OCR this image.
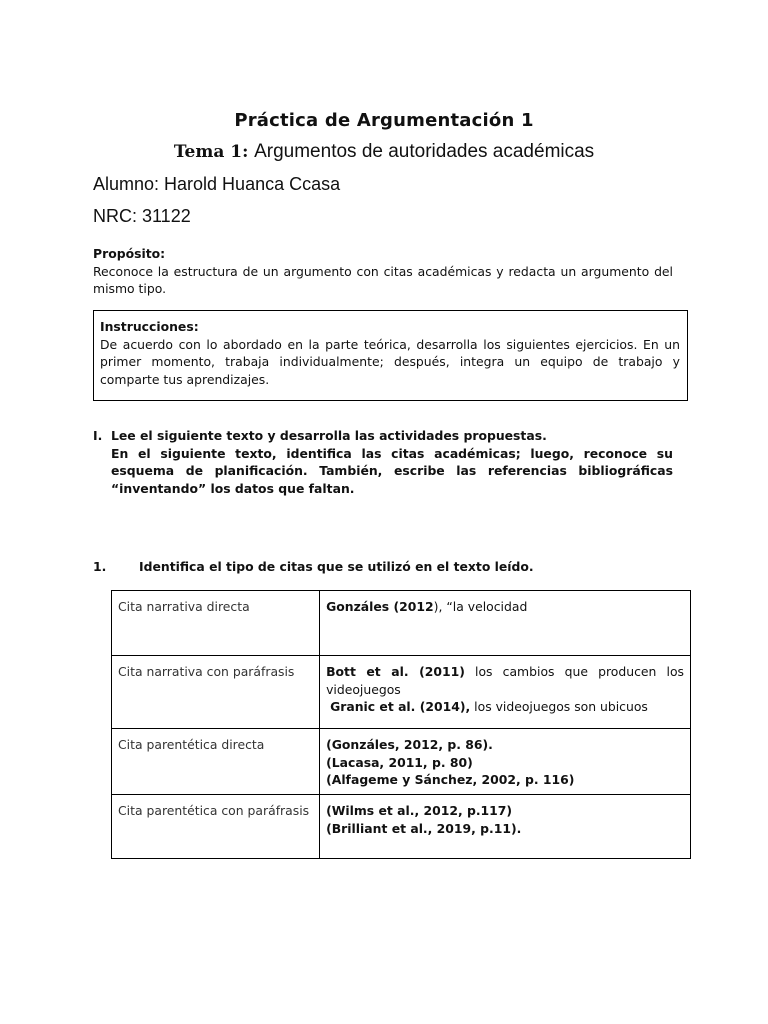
Práctica de Argumentación 1
Tema 1: Argumentos de autoridades académicas
Alumno: Harold Huanca Ccasa
NRC: 31122
Propósito:
Reconoce la estructura de un argumento con citas académicas y redacta un argumento del mismo tipo.
Instrucciones:
De acuerdo con lo abordado en la parte teórica, desarrolla los siguientes ejercicios. En un primer momento, trabaja individualmente; después, integra un equipo de trabajo y comparte tus aprendizajes.
I. Lee el siguiente texto y desarrolla las actividades propuestas.
En el siguiente texto, identifica las citas académicas; luego, reconoce su esquema de planificación. También, escribe las referencias bibliográficas “inventando” los datos que faltan.
1.	Identifica el tipo de citas que se utilizó en el texto leído.
Cita narrativa directa	Gonzáles (2012), “la velocidad
Cita narrativa con paráfrasis	Bott et al. (2011) los cambios que producen los videojuegos
Granic et al. (2014), los videojuegos son ubicuos

Cita parentética directa	(Gonzáles, 2012, p. 86).
(Lacasa, 2011, p. 80)
(Alfageme y Sánchez, 2002, p. 116)

Cita parentética con paráfrasis	(Wilms et al., 2012, p.117)
(Brilliant et al., 2019, p.11).
